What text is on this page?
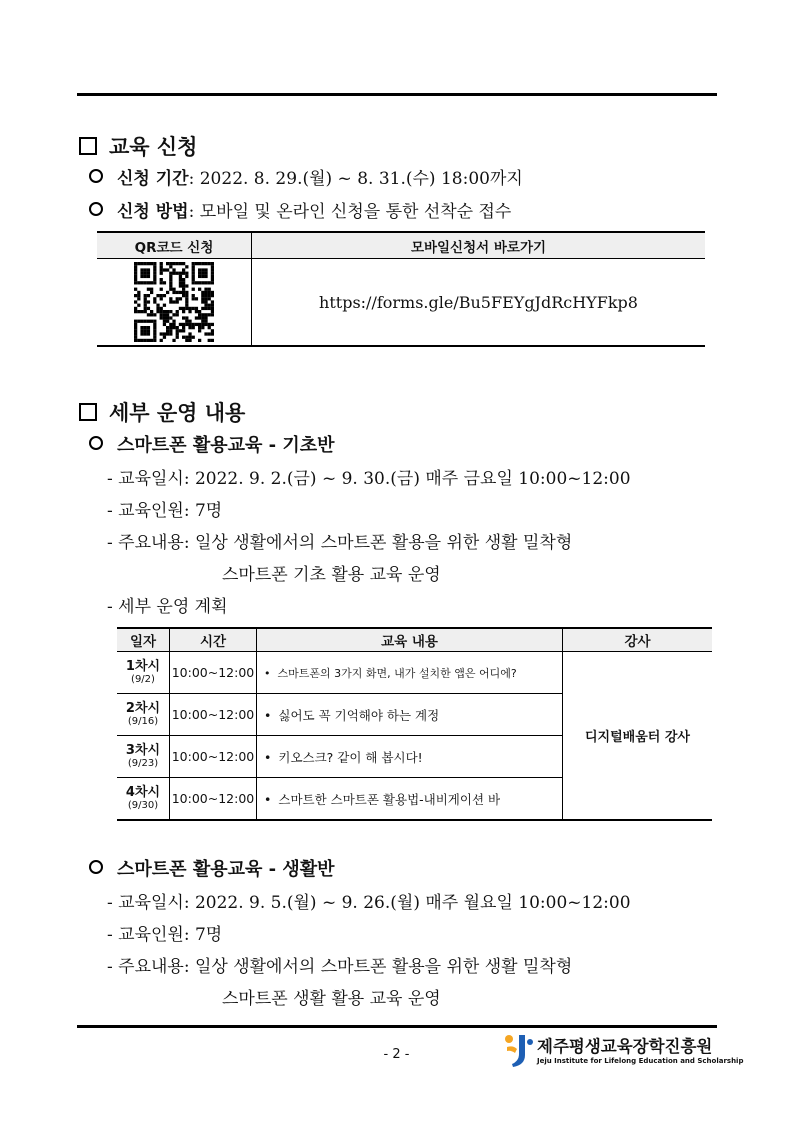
교육 신청
신청 기간: 2022. 8. 29.(월) ~ 8. 31.(수) 18:00까지
신청 방법: 모바일 및 온라인 신청을 통한 선착순 접수
QR코드 신청	모바일신청서 바로가기
	https://forms.gle/Bu5FEYgJdRcHYFkp8
세부 운영 내용
스마트폰 활용교육 - 기초반
- 교육일시: 2022. 9. 2.(금) ~ 9. 30.(금) 매주 금요일 10:00~12:00
- 교육인원: 7명
- 주요내용: 일상 생활에서의 스마트폰 활용을 위한 생활 밀착형
스마트폰 기초 활용 교육 운영
- 세부 운영 계획
일자	시간	교육 내용	강사

1차시
(9/2)	10:00~12:00	• 스마트폰의 3가지 화면, 내가 설치한 앱은 어디에?	디지털배움터 강사

2차시
(9/16)	10:00~12:00	• 싫어도 꼭 기억해야 하는 계정	

3차시
(9/23)	10:00~12:00	• 키오스크? 같이 해 봅시다!	

4차시
(9/30)	10:00~12:00	• 스마트한 스마트폰 활용법-내비게이션 바	
스마트폰 활용교육 - 생활반
- 교육일시: 2022. 9. 5.(월) ~ 9. 26.(월) 매주 월요일 10:00~12:00
- 교육인원: 7명
- 주요내용: 일상 생활에서의 스마트폰 활용을 위한 생활 밀착형
스마트폰 생활 활용 교육 운영
- 2 -	제주평생교육장학진흥원
Jeju Institute for Lifelong Education and Scholarship
